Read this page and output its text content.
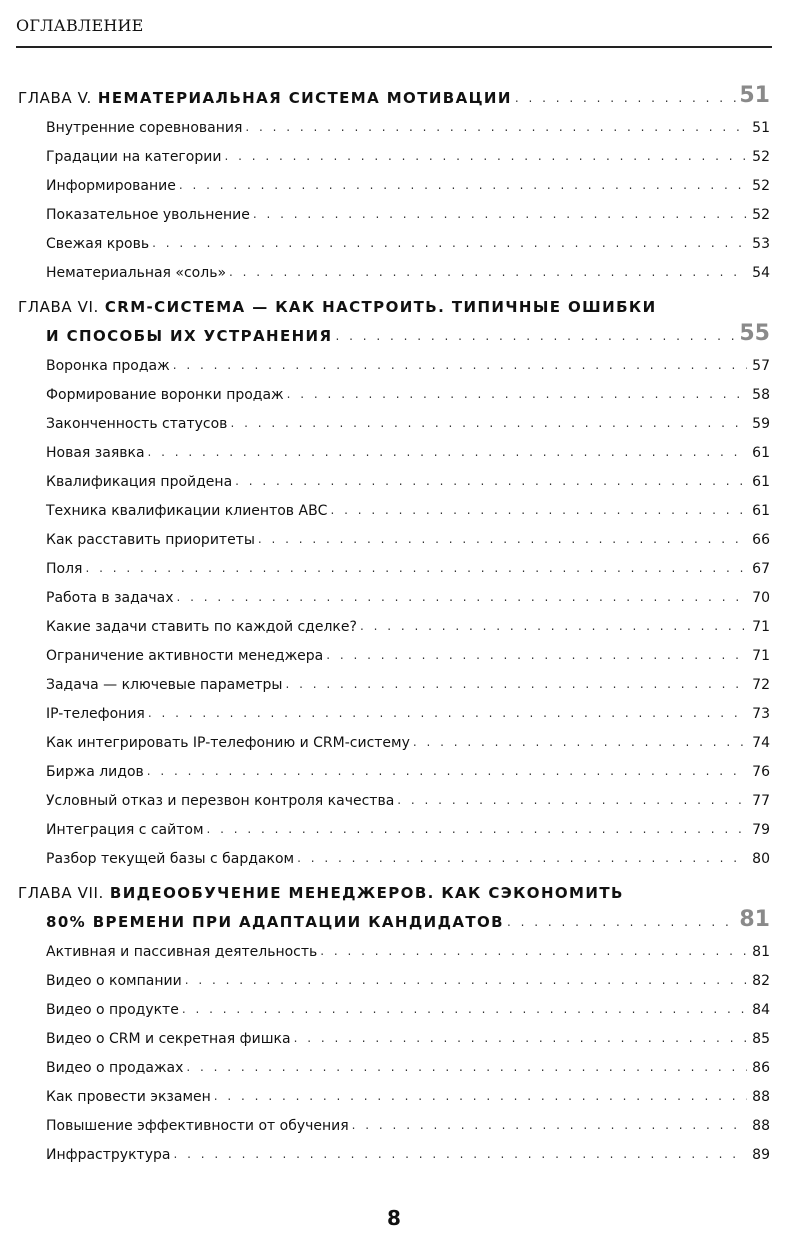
ОГЛАВЛЕНИЕ
ГЛАВА V. НЕМАТЕРИАЛЬНАЯ СИСТЕМА МОТИВАЦИИ . . .	51
Внутренние соревнования . . .	51
Градации на категории . . .	52
Информирование . . .	52
Показательное увольнение . . .	52
Свежая кровь . . .	53
Нематериальная «соль» . . .	54
ГЛАВА VI. CRM-СИСТЕМА — КАК НАСТРОИТЬ. ТИПИЧНЫЕ ОШИБКИ
И СПОСОБЫ ИХ УСТРАНЕНИЯ . . .	55
Воронка продаж . . .	57
Формирование воронки продаж . . .	58
Законченность статусов . . .	59
Новая заявка . . .	61
Квалификация пройдена . . .	61
Техника квалификации клиентов АВС . . .	61
Как расставить приоритеты . . .	66
Поля . . .	67
Работа в задачах . . .	70
Какие задачи ставить по каждой сделке? . . .	71
Ограничение активности менеджера . . .	71
Задача — ключевые параметры . . .	72
IP-телефония . . .	73
Как интегрировать IP-телефонию и CRM-систему . . .	74
Биржа лидов . . .	76
Условный отказ и перезвон контроля качества . . .	77
Интеграция с сайтом . . .	79
Разбор текущей базы с бардаком . . .	80
ГЛАВА VII. ВИДЕООБУЧЕНИЕ МЕНЕДЖЕРОВ. КАК СЭКОНОМИТЬ
80% ВРЕМЕНИ ПРИ АДАПТАЦИИ КАНДИДАТОВ . . .	81
Активная и пассивная деятельность . . .	81
Видео о компании . . .	82
Видео о продукте . . .	84
Видео о CRM и секретная фишка . . .	85
Видео о продажах . . .	86
Как провести экзамен . . .	88
Повышение эффективности от обучения . . .	88
Инфраструктура . . .	89
8
